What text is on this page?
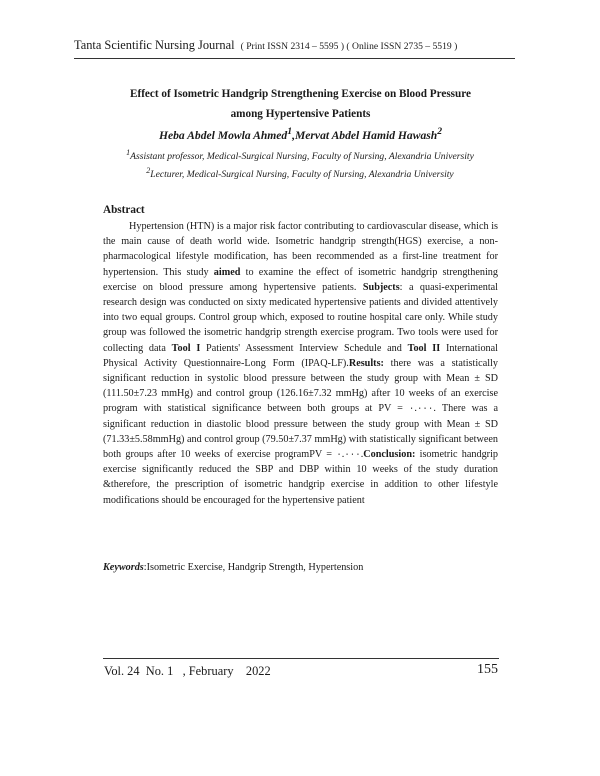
Tanta Scientific Nursing Journal ( Print ISSN 2314 – 5595 ) ( Online ISSN 2735 – 5519 )
Effect of Isometric Handgrip Strengthening Exercise on Blood Pressure
among Hypertensive Patients
Heba Abdel Mowla Ahmed$^1$,Mervat Abdel Hamid Hawash$^2$
$^1$Assistant professor, Medical-Surgical Nursing, Faculty of Nursing, Alexandria University
$^2$Lecturer, Medical-Surgical Nursing, Faculty of Nursing, Alexandria University
Abstract
Hypertension (HTN) is a major risk factor contributing to cardiovascular disease, which is the main cause of death world wide. Isometric handgrip strength(HGS) exercise, a non-pharmacological lifestyle modification, has been recommended as a first-line treatment for hypertension. This study aimed to examine the effect of isometric handgrip strengthening exercise on blood pressure among hypertensive patients. Subjects: a quasi-experimental research design was conducted on sixty medicated hypertensive patients and divided attentively into two equal groups. Control group which, exposed to routine hospital care only. While study group was followed the isometric handgrip strength exercise program. Two tools were used for collecting data Tool I Patients' Assessment Interview Schedule and Tool II International Physical Activity Questionnaire-Long Form (IPAQ-LF).Results: there was a statistically significant reduction in systolic blood pressure between the study group with Mean ± SD (111.50±7.23 mmHg) and control group (126.16±7.32 mmHg) after 10 weeks of an exercise program with statistical significance between both groups at PV = ٠.٠٠٠. There was a significant reduction in diastolic blood pressure between the study group with Mean ± SD (71.33±5.58mmHg) and control group (79.50±7.37 mmHg) with statistically significant between both groups after 10 weeks of exercise programPV = ٠.٠٠٠.Conclusion: isometric handgrip exercise significantly reduced the SBP and DBP within 10 weeks of the study duration &therefore, the prescription of isometric handgrip exercise in addition to other lifestyle modifications should be encouraged for the hypertensive patient
Keywords:Isometric Exercise, Handgrip Strength, Hypertension
Vol. 24  No. 1   , February    2022	155
